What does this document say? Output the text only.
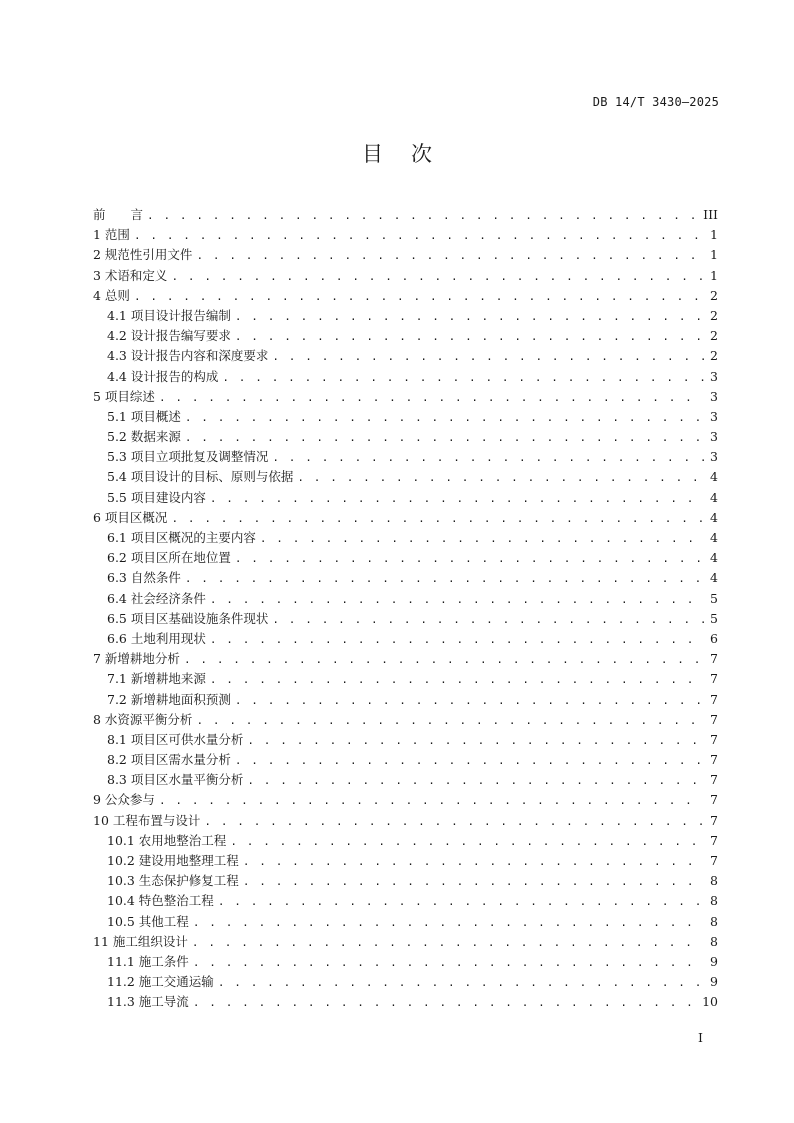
DB 14/T 3430—2025
目次
前　　言 . . .	III
1 范围 . . .	1
2 规范性引用文件 . . .	1
3 术语和定义 . . .	1
4 总则 . . .	2
4.1 项目设计报告编制 . . .	2
4.2 设计报告编写要求 . . .	2
4.3 设计报告内容和深度要求 . . .	2
4.4 设计报告的构成 . . .	3
5 项目综述 . . .	3
5.1 项目概述 . . .	3
5.2 数据来源 . . .	3
5.3 项目立项批复及调整情况 . . .	3
5.4 项目设计的目标、原则与依据 . . .	4
5.5 项目建设内容 . . .	4
6 项目区概况 . . .	4
6.1 项目区概况的主要内容 . . .	4
6.2 项目区所在地位置 . . .	4
6.3 自然条件 . . .	4
6.4 社会经济条件 . . .	5
6.5 项目区基础设施条件现状 . . .	5
6.6 土地利用现状 . . .	6
7 新增耕地分析 . . .	7
7.1 新增耕地来源 . . .	7
7.2 新增耕地面积预测 . . .	7
8 水资源平衡分析 . . .	7
8.1 项目区可供水量分析 . . .	7
8.2 项目区需水量分析 . . .	7
8.3 项目区水量平衡分析 . . .	7
9 公众参与 . . .	7
10 工程布置与设计 . . .	7
10.1 农用地整治工程 . . .	7
10.2 建设用地整理工程 . . .	7
10.3 生态保护修复工程 . . .	8
10.4 特色整治工程 . . .	8
10.5 其他工程 . . .	8
11 施工组织设计 . . .	8
11.1 施工条件 . . .	9
11.2 施工交通运输 . . .	9
11.3 施工导流 . . .	10
I
